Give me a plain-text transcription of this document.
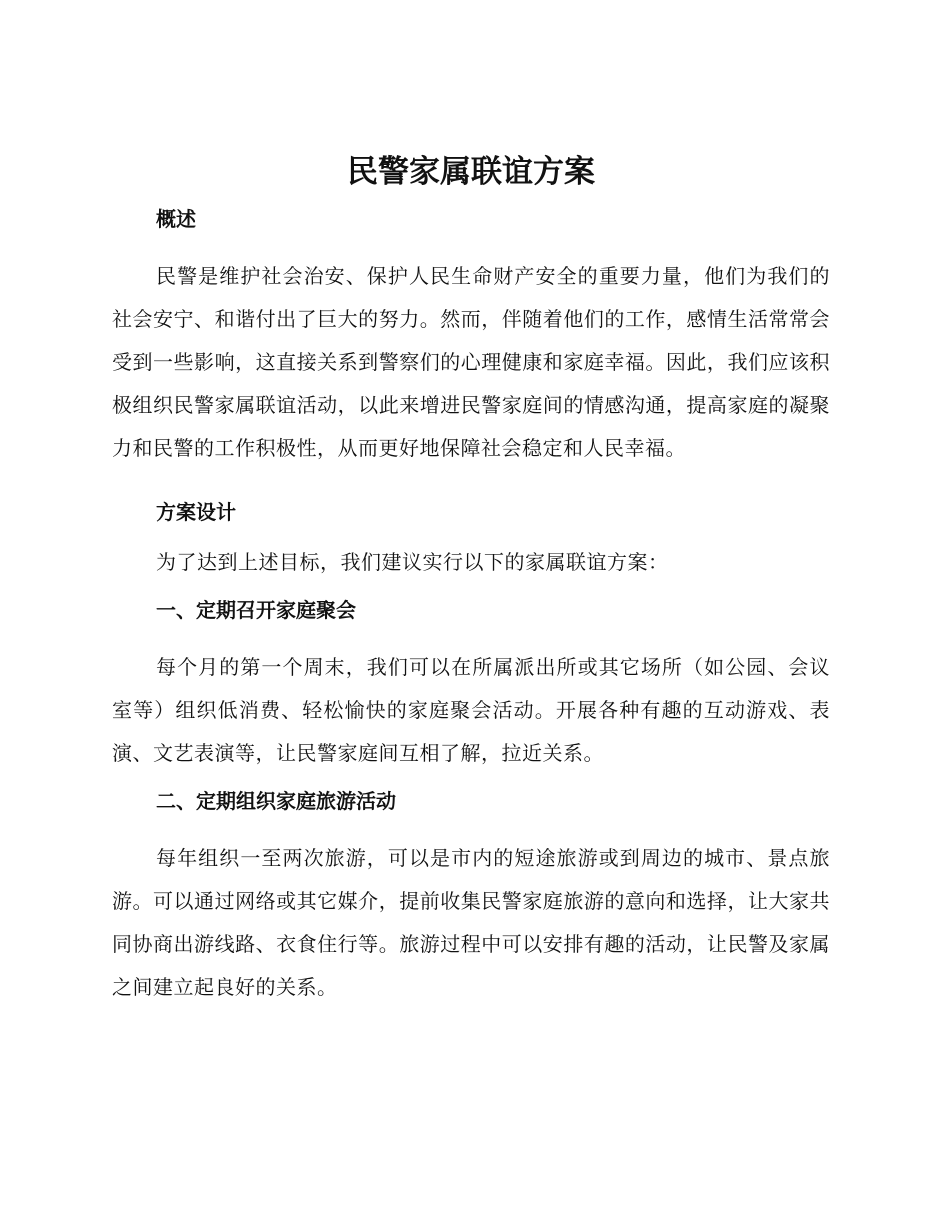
民警家属联谊方案
概述

民警是维护社会治安、保护人民生命财产安全的重要力量，他们为我们的社会安宁、和谐付出了巨大的努力。然而，伴随着他们的工作，感情生活常常会受到一些影响，这直接关系到警察们的心理健康和家庭幸福。因此，我们应该积极组织民警家属联谊活动，以此来增进民警家庭间的情感沟通，提高家庭的凝聚力和民警的工作积极性，从而更好地保障社会稳定和人民幸福。

方案设计

为了达到上述目标，我们建议实行以下的家属联谊方案：

一、定期召开家庭聚会

每个月的第一个周末，我们可以在所属派出所或其它场所（如公园、会议室等）组织低消费、轻松愉快的家庭聚会活动。开展各种有趣的互动游戏、表演、文艺表演等，让民警家庭间互相了解，拉近关系。

二、定期组织家庭旅游活动

每年组织一至两次旅游，可以是市内的短途旅游或到周边的城市、景点旅游。可以通过网络或其它媒介，提前收集民警家庭旅游的意向和选择，让大家共同协商出游线路、衣食住行等。旅游过程中可以安排有趣的活动，让民警及家属之间建立起良好的关系。
